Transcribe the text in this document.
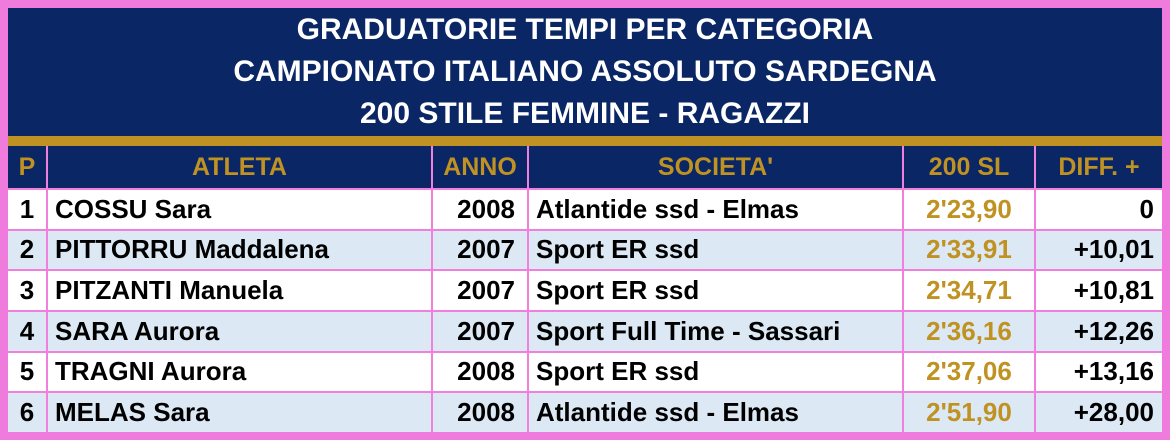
GRADUATORIE TEMPI PER CATEGORIA
CAMPIONATO ITALIANO ASSOLUTO SARDEGNA
200 STILE FEMMINE - RAGAZZI
P	ATLETA	ANNO	SOCIETA'	200 SL	DIFF. +
1 COSSU Sara	2008 Atlantide ssd - Elmas	2'23,90	0
2 PITTORRU Maddalena	2007 Sport ER ssd	2'33,91	+10,01
3 PITZANTI Manuela	2007 Sport ER ssd	2'34,71	+10,81
4 SARA Aurora	2007 Sport Full Time - Sassari	2'36,16	+12,26
5 TRAGNI Aurora	2008 Sport ER ssd	2'37,06	+13,16
6 MELAS Sara	2008 Atlantide ssd - Elmas	2'51,90	+28,00
